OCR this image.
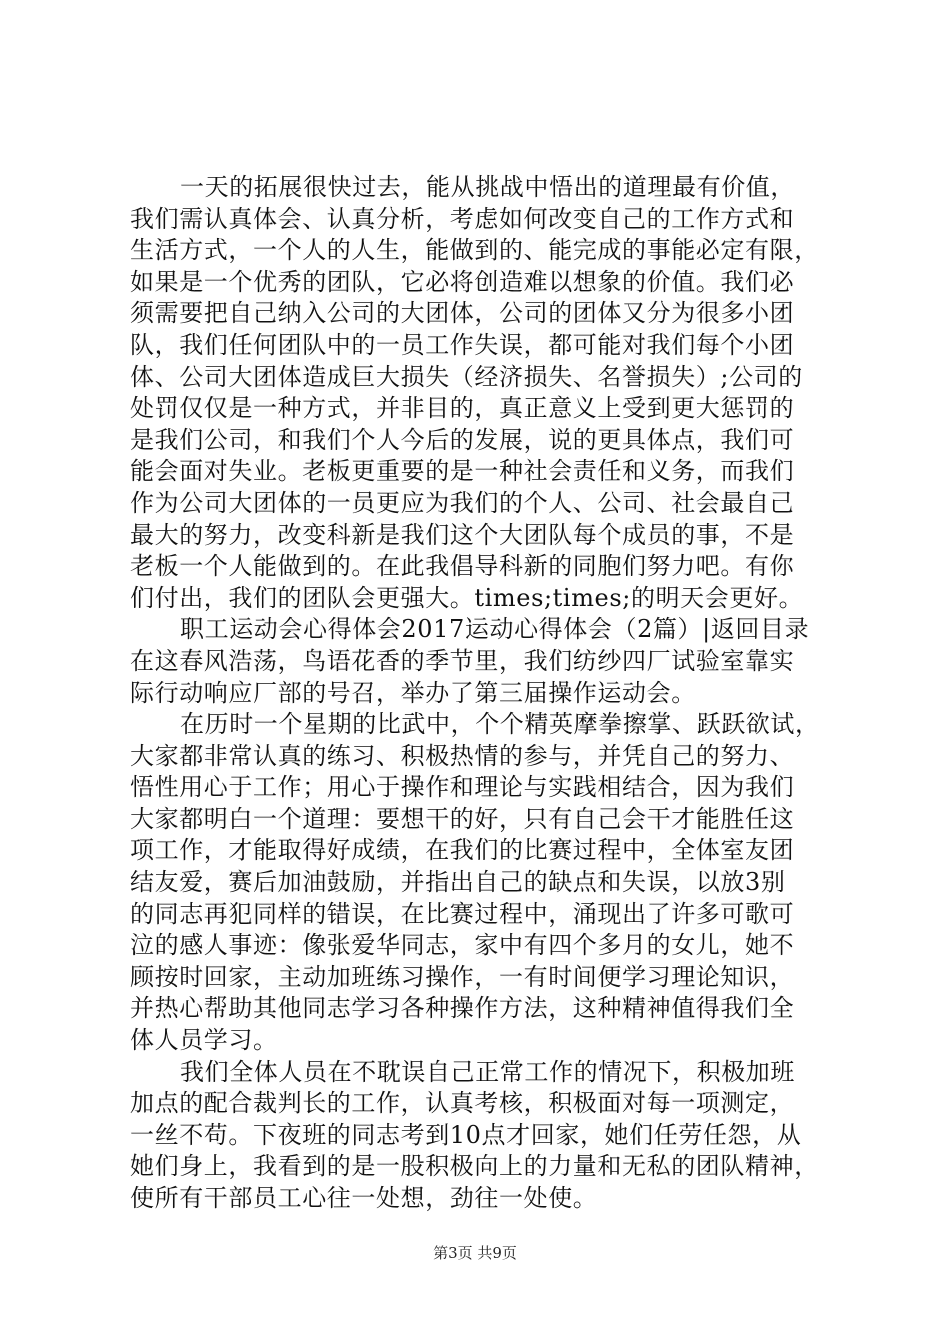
一天的拓展很快过去，能从挑战中悟出的道理最有价值，
我们需认真体会、认真分析，考虑如何改变自己的工作方式和
生活方式，一个人的人生，能做到的、能完成的事能必定有限，
如果是一个优秀的团队，它必将创造难以想象的价值。我们必
须需要把自己纳入公司的大团体，公司的团体又分为很多小团
队，我们任何团队中的一员工作失误，都可能对我们每个小团
体、公司大团体造成巨大损失（经济损失、名誉损失）;公司的
处罚仅仅是一种方式，并非目的，真正意义上受到更大惩罚的
是我们公司，和我们个人今后的发展，说的更具体点，我们可
能会面对失业。老板更重要的是一种社会责任和义务，而我们
作为公司大团体的一员更应为我们的个人、公司、社会最自己
最大的努力，改变科新是我们这个大团队每个成员的事，不是
老板一个人能做到的。在此我倡导科新的同胞们努力吧。有你
们付出，我们的团队会更强大。times;times;的明天会更好。
职工运动会心得体会2017运动心得体会（2篇）|返回目录
在这春风浩荡，鸟语花香的季节里，我们纺纱四厂试验室靠实
际行动响应厂部的号召，举办了第三届操作运动会。
在历时一个星期的比武中，个个精英摩拳擦掌、跃跃欲试，
大家都非常认真的练习、积极热情的参与，并凭自己的努力、
悟性用心于工作；用心于操作和理论与实践相结合，因为我们
大家都明白一个道理：要想干的好，只有自己会干才能胜任这
项工作，才能取得好成绩，在我们的比赛过程中，全体室友团
结友爱，赛后加油鼓励，并指出自己的缺点和失误，以放3别
的同志再犯同样的错误，在比赛过程中，涌现出了许多可歌可
泣的感人事迹：像张爱华同志，家中有四个多月的女儿，她不
顾按时回家，主动加班练习操作，一有时间便学习理论知识，
并热心帮助其他同志学习各种操作方法，这种精神值得我们全
体人员学习。
我们全体人员在不耽误自己正常工作的情况下，积极加班
加点的配合裁判长的工作，认真考核，积极面对每一项测定，
一丝不苟。下夜班的同志考到10点才回家，她们任劳任怨，从
她们身上，我看到的是一股积极向上的力量和无私的团队精神，
使所有干部员工心往一处想，劲往一处使。
第3页 共9页
